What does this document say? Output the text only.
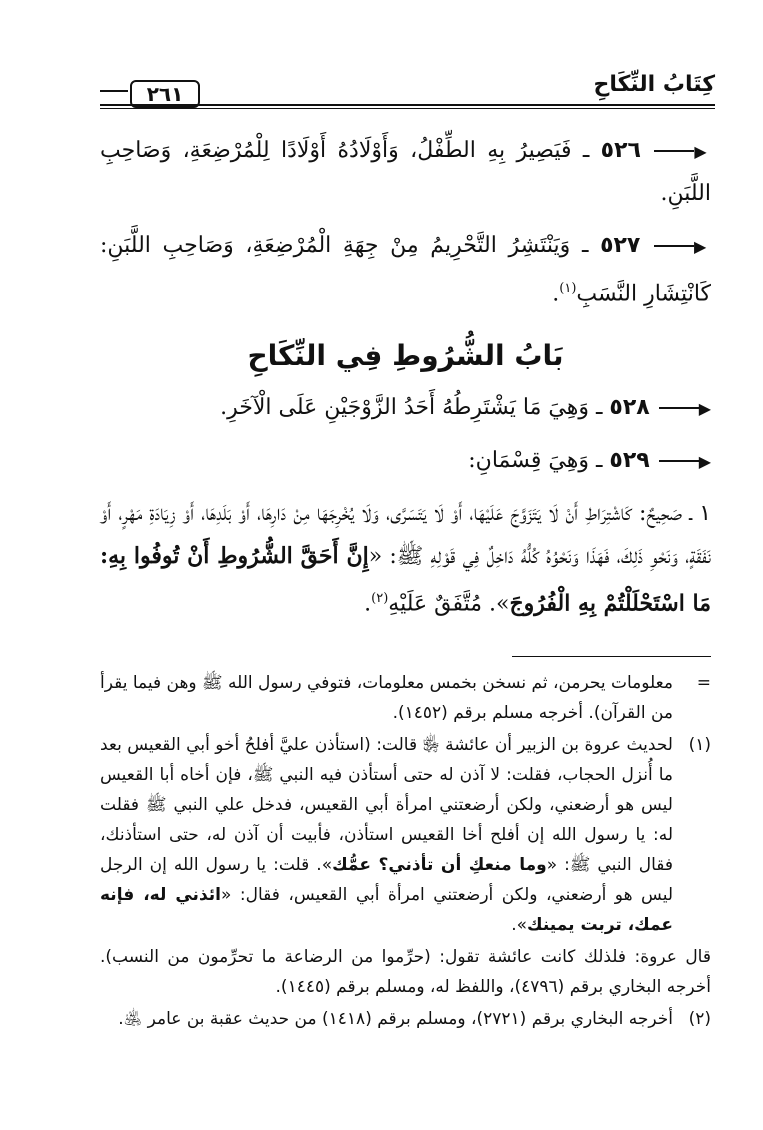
كِتَابُ النِّكَاحِ
٢٦١

▶ ٥٢٦ ـ فَيَصِيرُ بِهِ الطِّفْلُ، وَأَوْلَادُهُ أَوْلَادًا لِلْمُرْضِعَةِ، وَصَاحِبِ اللَّبَنِ.

▶ ٥٢٧ ـ وَيَنْتَشِرُ التَّحْرِيمُ مِنْ جِهَةِ الْمُرْضِعَةِ، وَصَاحِبِ اللَّبَنِ: كَانْتِشَارِ النَّسَبِ$^{(١)}$.

بَابُ الشُّرُوطِ فِي النِّكَاحِ

▶ ٥٢٨ ـ وَهِيَ مَا يَشْتَرِطُهُ أَحَدُ الزَّوْجَيْنِ عَلَى الْآخَرِ.

▶ ٥٢٩ ـ وَهِيَ قِسْمَانِ:

١ ـ صَحِيحٌ: كَاشْتِرَاطِ أَنْ لَا يَتَزَوَّجَ عَلَيْهَا، أَوْ لَا يَتَسَرَّى، وَلَا يُخْرِجَهَا مِنْ دَارِهَا، أَوْ بَلَدِهَا، أَوْ زِيَادَةِ مَهْرٍ، أَوْ نَفَقَةٍ، وَنَحْوِ ذَلِكَ، فَهَذَا وَنَحْوُهُ كُلُّهُ دَاخِلٌ فِي قَوْلِهِ ﷺ: «إِنَّ أَحَقَّ الشُّرُوطِ أَنْ تُوفُوا بِهِ: مَا اسْتَحْلَلْتُمْ بِهِ الْفُرُوجَ». مُتَّفَقٌ عَلَيْهِ$^{(٢)}$.

=
معلومات يحرمن، ثم نسخن بخمس معلومات، فتوفي رسول الله ﷺ وهن فيما يقرأ من القرآن). أخرجه مسلم برقم (١٤٥٢).
(١)
لحديث عروة بن الزبير أن عائشة ﵂ قالت: (استأذن عليَّ أفلحُ أخو أبي القعيس بعد ما أُنزل الحجاب، فقلت: لا آذن له حتى أستأذن فيه النبي ﷺ، فإن أخاه أبا القعيس ليس هو أرضعني، ولكن أرضعتني امرأة أبي القعيس، فدخل علي النبي ﷺ فقلت له: يا رسول الله إن أفلح أخا القعيس استأذن، فأبيت أن آذن له، حتى استأذنك، فقال النبي ﷺ: «وما منعكِ أن تأذني؟ عمُّك». قلت: يا رسول الله إن الرجل ليس هو أرضعني، ولكن أرضعتني امرأة أبي القعيس، فقال: «ائذني له، فإنه عمك، تربت يمينك».
قال عروة: فلذلك كانت عائشة تقول: (حرِّموا من الرضاعة ما تحرِّمون من النسب). أخرجه البخاري برقم (٤٧٩٦)، واللفظ له، ومسلم برقم (١٤٤٥).
(٢)
أخرجه البخاري برقم (٢٧٢١)، ومسلم برقم (١٤١٨) من حديث عقبة بن عامر ﵁.
